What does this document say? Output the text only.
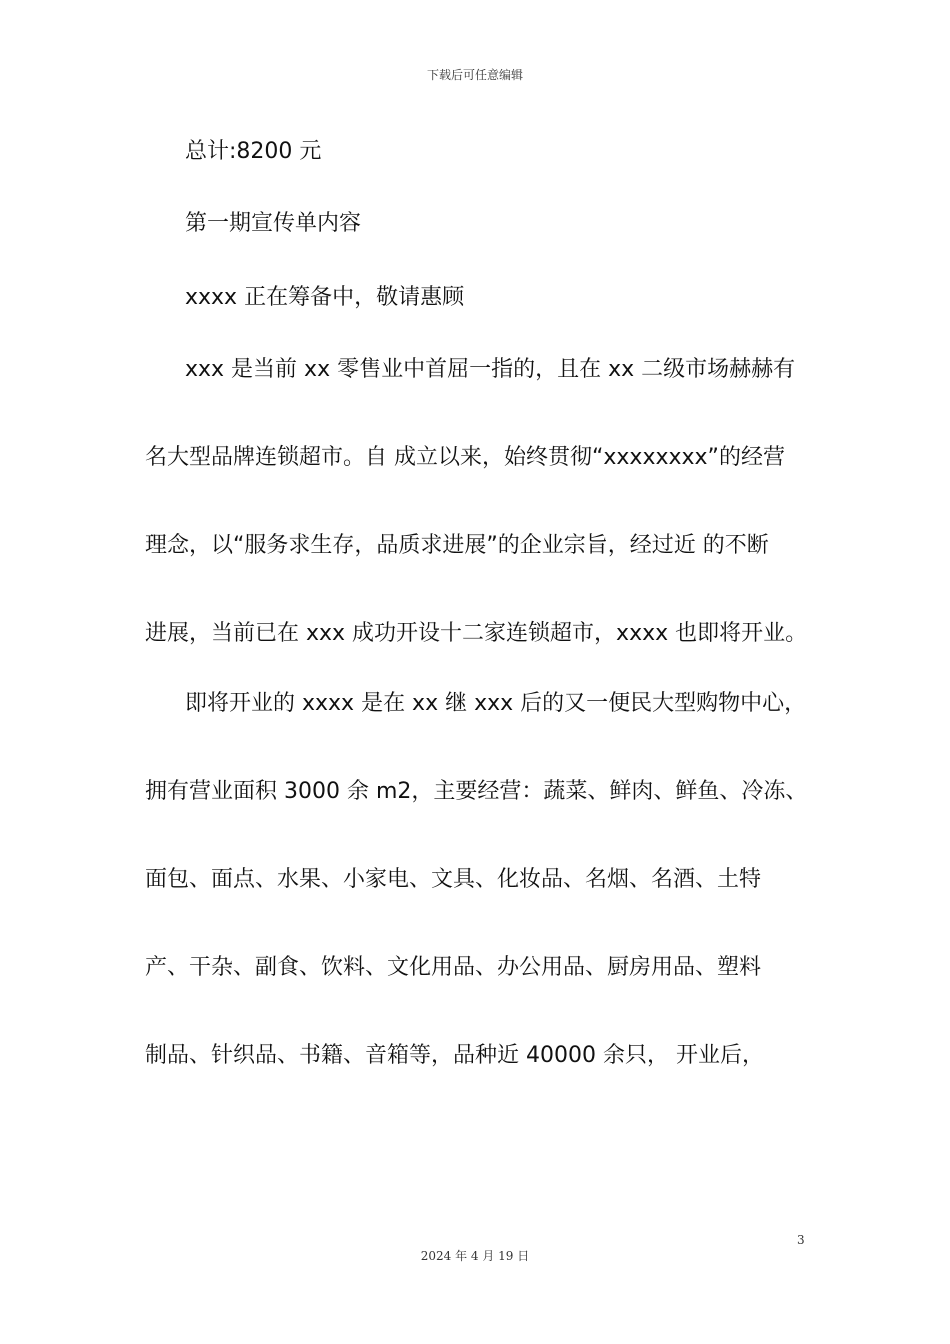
下载后可任意编辑
总计:8200 元
第一期宣传单内容
xxxx 正在筹备中，敬请惠顾
xxx 是当前 xx 零售业中首屈一指的，且在 xx 二级市场赫赫有
名大型品牌连锁超市。自 成立以来，始终贯彻“xxxxxxxx”的经营
理念，以“服务求生存，品质求进展”的企业宗旨，经过近 的不断
进展，当前已在 xxx 成功开设十二家连锁超市，xxxx 也即将开业。
即将开业的 xxxx 是在 xx 继 xxx 后的又一便民大型购物中心，
拥有营业面积 3000 余 m2，主要经营：蔬菜、鲜肉、鲜鱼、冷冻、
面包、面点、水果、小家电、文具、化妆品、名烟、名酒、土特
产、干杂、副食、饮料、文化用品、办公用品、厨房用品、塑料
制品、针织品、书籍、音箱等，品种近 40000 余只， 开业后，
3
2024 年 4 月 19 日
